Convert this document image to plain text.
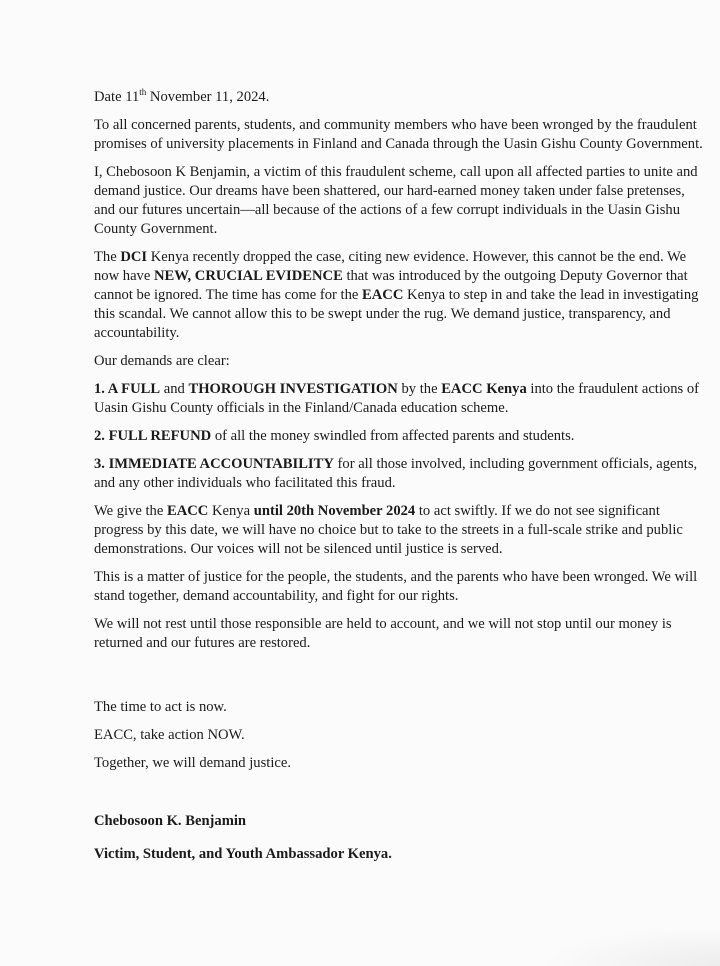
Date 11th November 11, 2024.

To all concerned parents, students, and community members who have been wronged by the fraudulent promises of university placements in Finland and Canada through the Uasin Gishu County Government.

I, Chebosoon K Benjamin, a victim of this fraudulent scheme, call upon all affected parties to unite and demand justice. Our dreams have been shattered, our hard-earned money taken under false pretenses, and our futures uncertain—all because of the actions of a few corrupt individuals in the Uasin Gishu County Government.

The DCI Kenya recently dropped the case, citing new evidence. However, this cannot be the end. We now have NEW, CRUCIAL EVIDENCE that was introduced by the outgoing Deputy Governor that cannot be ignored. The time has come for the EACC Kenya to step in and take the lead in investigating this scandal. We cannot allow this to be swept under the rug. We demand justice, transparency, and accountability.

Our demands are clear:

1. A FULL and THOROUGH INVESTIGATION by the EACC Kenya into the fraudulent actions of Uasin Gishu County officials in the Finland/Canada education scheme.

2. FULL REFUND of all the money swindled from affected parents and students.

3. IMMEDIATE ACCOUNTABILITY for all those involved, including government officials, agents, and any other individuals who facilitated this fraud.

We give the EACC Kenya until 20th November 2024 to act swiftly. If we do not see significant progress by this date, we will have no choice but to take to the streets in a full-scale strike and public demonstrations. Our voices will not be silenced until justice is served.

This is a matter of justice for the people, the students, and the parents who have been wronged. We will stand together, demand accountability, and fight for our rights.

We will not rest until those responsible are held to account, and we will not stop until our money is returned and our futures are restored.

The time to act is now.

EACC, take action NOW.

Together, we will demand justice.

Chebosoon K. Benjamin

Victim, Student, and Youth Ambassador Kenya.
